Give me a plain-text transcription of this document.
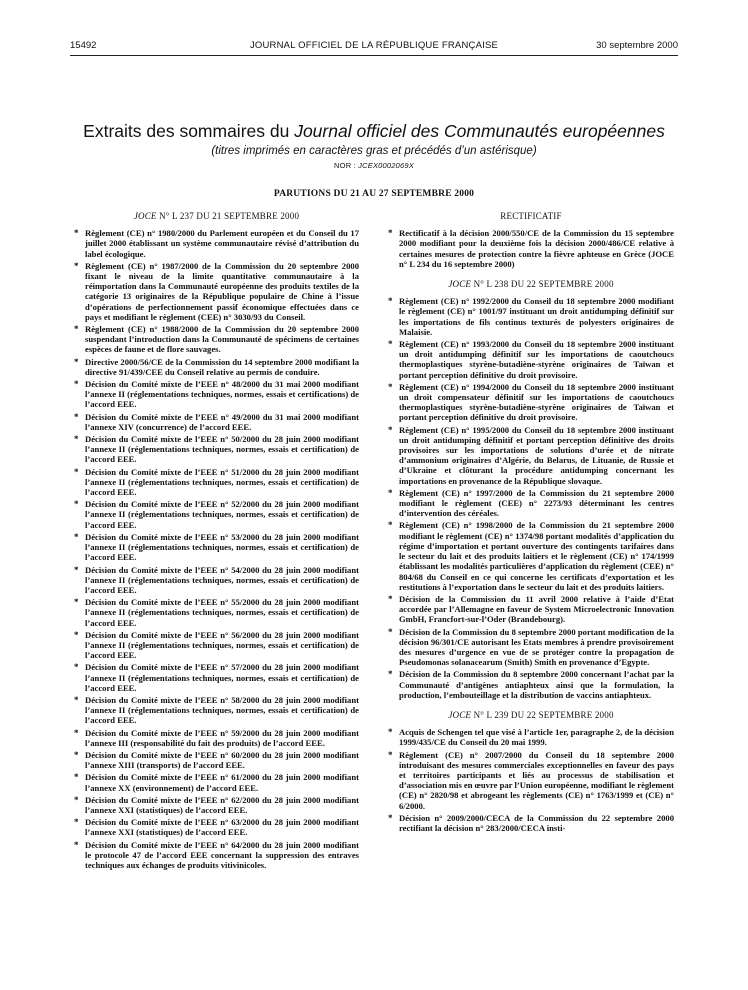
15492	JOURNAL OFFICIEL DE LA RÉPUBLIQUE FRANÇAISE	30 septembre 2000
Extraits des sommaires du Journal officiel des Communautés européennes
(titres imprimés en caractères gras et précédés d’un astérisque)
NOR : JCEX0002069X
PARUTIONS DU 21 AU 27 SEPTEMBRE 2000
JOCE N° L 237 DU 21 SEPTEMBRE 2000
* Règlement (CE) n° 1980/2000 du Parlement européen et du Conseil du 17 juillet 2000 établissant un système communautaire révisé d’attribution du label écologique.
* Règlement (CE) n° 1987/2000 de la Commission du 20 septembre 2000 fixant le niveau de la limite quantitative communautaire à la réimportation dans la Communauté européenne des produits textiles de la catégorie 13 originaires de la République populaire de Chine à l’issue d’opérations de perfectionnement passif économique effectuées dans ce pays et modifiant le règlement (CEE) n° 3030/93 du Conseil.
* Règlement (CE) n° 1988/2000 de la Commission du 20 septembre 2000 suspendant l’introduction dans la Communauté de spécimens de certaines espèces de faune et de flore sauvages.
* Directive 2000/56/CE de la Commission du 14 septembre 2000 modifiant la directive 91/439/CEE du Conseil relative au permis de conduire.
* Décision du Comité mixte de l’EEE n° 48/2000 du 31 mai 2000 modifiant l’annexe II (réglementations techniques, normes, essais et certifications) de l’accord EEE.
* Décision du Comité mixte de l’EEE n° 49/2000 du 31 mai 2000 modifiant l’annexe XIV (concurrence) de l’accord EEE.
* Décision du Comité mixte de l’EEE n° 50/2000 du 28 juin 2000 modifiant l’annexe II (réglementations techniques, normes, essais et certification) de l’accord EEE.
* Décision du Comité mixte de l’EEE n° 51/2000 du 28 juin 2000 modifiant l’annexe II (réglementations techniques, normes, essais et certification) de l’accord EEE.
* Décision du Comité mixte de l’EEE n° 52/2000 du 28 juin 2000 modifiant l’annexe II (réglementations techniques, normes, essais et certification) de l’accord EEE.
* Décision du Comité mixte de l’EEE n° 53/2000 du 28 juin 2000 modifiant l’annexe II (réglementations techniques, normes, essais et certification) de l’accord EEE.
* Décision du Comité mixte de l’EEE n° 54/2000 du 28 juin 2000 modifiant l’annexe II (réglementations techniques, normes, essais et certification) de l’accord EEE.
* Décision du Comité mixte de l’EEE n° 55/2000 du 28 juin 2000 modifiant l’annexe II (réglementations techniques, normes, essais et certification) de l’accord EEE.
* Décision du Comité mixte de l’EEE n° 56/2000 du 28 juin 2000 modifiant l’annexe II (réglementations techniques, normes, essais et certification) de l’accord EEE.
* Décision du Comité mixte de l’EEE n° 57/2000 du 28 juin 2000 modifiant l’annexe II (réglementations techniques, normes, essais et certification) de l’accord EEE.
* Décision du Comité mixte de l’EEE n° 58/2000 du 28 juin 2000 modifiant l’annexe II (réglementations techniques, normes, essais et certification) de l’accord EEE.
* Décision du Comité mixte de l’EEE n° 59/2000 du 28 juin 2000 modifiant l’annexe III (responsabilité du fait des produits) de l’accord EEE.
* Décision du Comité mixte de l’EEE n° 60/2000 du 28 juin 2000 modifiant l’annexe XIII (transports) de l’accord EEE.
* Décision du Comité mixte de l’EEE n° 61/2000 du 28 juin 2000 modifiant l’annexe XX (environnement) de l’accord EEE.
* Décision du Comité mixte de l’EEE n° 62/2000 du 28 juin 2000 modifiant l’annexe XXI (statistiques) de l’accord EEE.
* Décision du Comité mixte de l’EEE n° 63/2000 du 28 juin 2000 modifiant l’annexe XXI (statistiques) de l’accord EEE.
* Décision du Comité mixte de l’EEE n° 64/2000 du 28 juin 2000 modifiant le protocole 47 de l’accord EEE concernant la suppression des entraves techniques aux échanges de produits vitivinicoles.
RECTIFICATIF
* Rectificatif à la décision 2000/550/CE de la Commission du 15 septembre 2000 modifiant pour la deuxième fois la décision 2000/486/CE relative à certaines mesures de protection contre la fièvre aphteuse en Grèce (JOCE n° L 234 du 16 septembre 2000)
JOCE N° L 238 DU 22 SEPTEMBRE 2000
* Règlement (CE) n° 1992/2000 du Conseil du 18 septembre 2000 modifiant le règlement (CE) n° 1001/97 instituant un droit antidumping définitif sur les importations de fils continus texturés de polyesters originaires de Malaisie.
* Règlement (CE) n° 1993/2000 du Conseil du 18 septembre 2000 instituant un droit antidumping définitif sur les importations de caoutchoucs thermoplastiques styrène-butadiène-styrène originaires de Taïwan et portant perception définitive du droit provisoire.
* Règlement (CE) n° 1994/2000 du Conseil du 18 septembre 2000 instituant un droit compensateur définitif sur les importations de caoutchoucs thermoplastiques styrène-butadiène-styrène originaires de Taïwan et portant perception définitive du droit provisoire.
* Règlement (CE) n° 1995/2000 du Conseil du 18 septembre 2000 instituant un droit antidumping définitif et portant perception définitive des droits provisoires sur les importations de solutions d’urée et de nitrate d’ammonium originaires d’Algérie, du Belarus, de Lituanie, de Russie et d’Ukraine et clôturant la procédure antidumping concernant les importations en provenance de la République slovaque.
* Règlement (CE) n° 1997/2000 de la Commission du 21 septembre 2000 modifiant le règlement (CEE) n° 2273/93 déterminant les centres d’intervention des céréales.
* Règlement (CE) n° 1998/2000 de la Commission du 21 septembre 2000 modifiant le règlement (CE) n° 1374/98 portant modalités d’application du régime d’importation et portant ouverture des contingents tarifaires dans le secteur du lait et des produits laitiers et le règlement (CE) n° 174/1999 établissant les modalités particulières d’application du règlement (CEE) n° 804/68 du Conseil en ce qui concerne les certificats d’exportation et les restitutions à l’exportation dans le secteur du lait et des produits laitiers.
* Décision de la Commission du 11 avril 2000 relative à l’aide d’Etat accordée par l’Allemagne en faveur de System Microelectronic Innovation GmbH, Francfort-sur-l’Oder (Brandebourg).
* Décision de la Commission du 8 septembre 2000 portant modification de la décision 96/301/CE autorisant les Etats membres à prendre provisoirement des mesures d’urgence en vue de se protéger contre la propagation de Pseudomonas solanacearum (Smith) Smith en provenance d’Egypte.
* Décision de la Commission du 8 septembre 2000 concernant l’achat par la Communauté d’antigènes antiaphteux ainsi que la formulation, la production, l’embouteillage et la distribution de vaccins antiaphteux.
JOCE N° L 239 DU 22 SEPTEMBRE 2000
* Acquis de Schengen tel que visé à l’article 1er, paragraphe 2, de la décision 1999/435/CE du Conseil du 20 mai 1999.
* Règlement (CE) n° 2007/2000 du Conseil du 18 septembre 2000 introduisant des mesures commerciales exceptionnelles en faveur des pays et territoires participants et liés au processus de stabilisation et d’association mis en œuvre par l’Union européenne, modifiant le règlement (CE) n° 2820/98 et abrogeant les règlements (CE) n° 1763/1999 et (CE) n° 6/2000.
* Décision n° 2009/2000/CECA de la Commission du 22 septembre 2000 rectifiant la décision n° 283/2000/CECA insti-
